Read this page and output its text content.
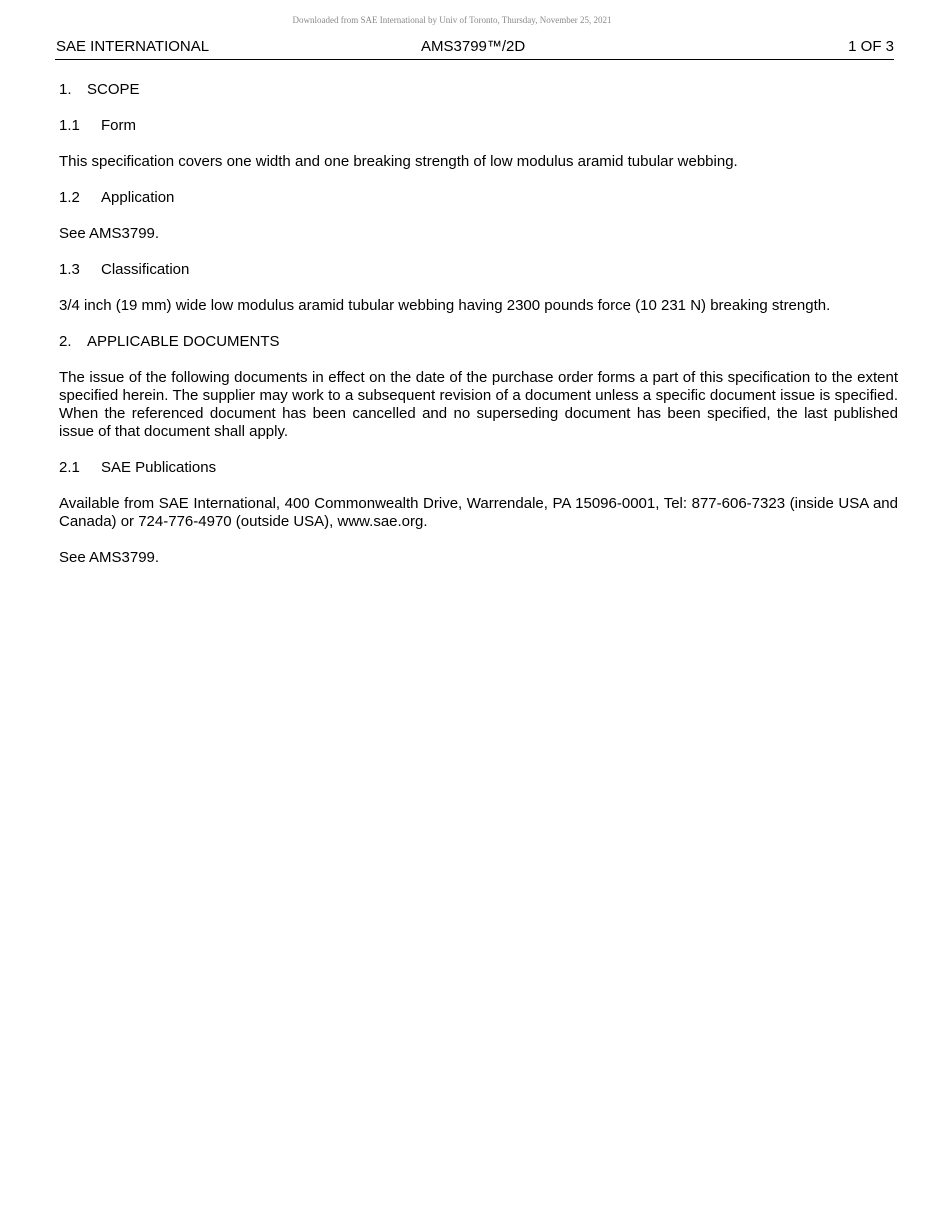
Downloaded from SAE International by Univ of Toronto, Thursday, November 25, 2021
SAE INTERNATIONAL	AMS3799™/2D	1 OF 3
1. SCOPE
1.1 Form

This specification covers one width and one breaking strength of low modulus aramid tubular webbing.

1.2 Application

See AMS3799.

1.3 Classification

3/4 inch (19 mm) wide low modulus aramid tubular webbing having 2300 pounds force (10 231 N) breaking strength.

2. APPLICABLE DOCUMENTS

The issue of the following documents in effect on the date of the purchase order forms a part of this specification to the extent specified herein. The supplier may work to a subsequent revision of a document unless a specific document issue is specified. When the referenced document has been cancelled and no superseding document has been specified, the last published issue of that document shall apply.

2.1 SAE Publications

Available from SAE International, 400 Commonwealth Drive, Warrendale, PA 15096-0001, Tel: 877-606-7323 (inside USA and Canada) or 724-776-4970 (outside USA), www.sae.org.

See AMS3799.
